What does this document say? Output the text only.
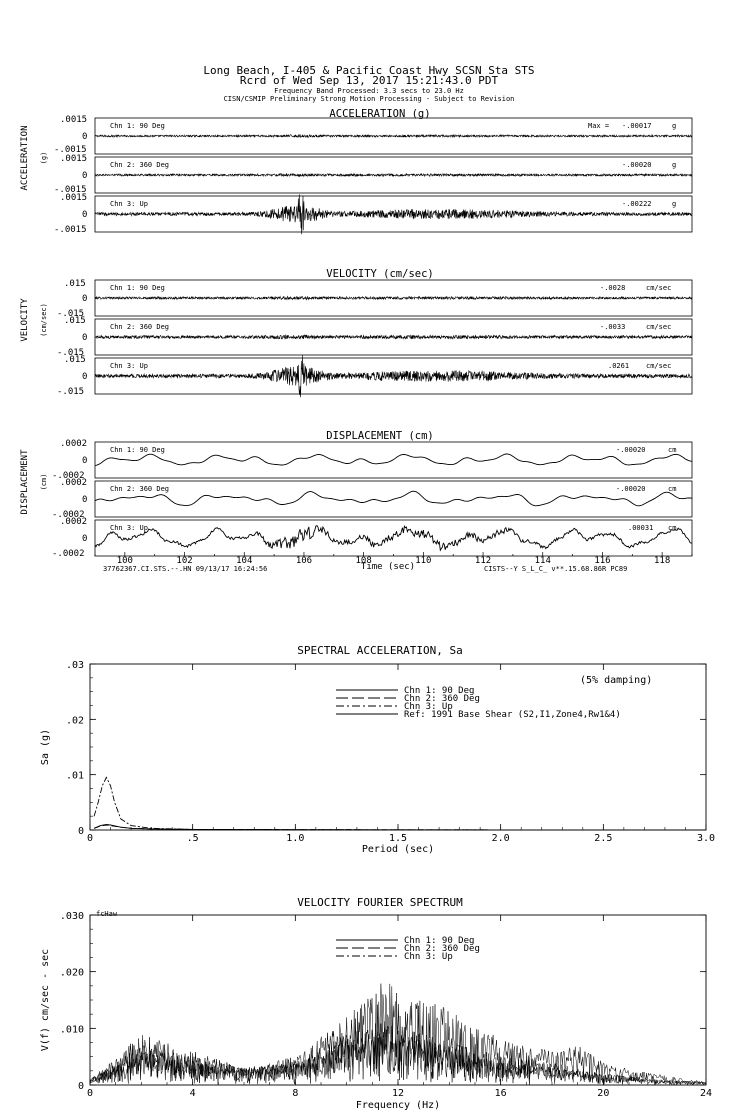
Long Beach, I-405 & Pacific Coast Hwy SCSN Sta STS
Rcrd of Wed Sep 13, 2017 15:21:43.0 PDT
Frequency Band Processed: 3.3 secs to 23.0 Hz
CISN/CSMIP Preliminary Strong Motion Processing - Subject to Revision
ACCELERATION (g)
ACCELERATION (g)
.0015
0
Chn 1: 90 Deg	Max = -.00017	g
-.0015
.0015
0
Chn 2: 360 Deg	-.00020	g
-.0015
.0015
0
-.0015
Chn 3: Up	-.00222	g
VELOCITY (cm/sec)
VELOCITY (cm/sec)
.015
0
Chn 1: 90 Deg	-.0028	cm/sec
-.015
.015
0
Chn 2: 360 Deg	-.0033	cm/sec
-.015
.015
0
-.015
Chn 3: Up	.0261 cm/sec
DISPLACEMENT (cm)
DISPLACEMENT (cm)
.0002
0
Chn 1: 90 Deg	-.00020	cm
-.0002
.0002
0
Chn 2: 360 Deg	-.00020	cm
-.0002
.0002
0
-.0002
Chn 3: Up	.00031 cm
100	102	104	106	108	110	112	114	116	118
Time (sec)
37762367.CI.STS.--.HN 09/13/17 16:24:56	CISTS--Y S_L_C_ v**.15.68.86R PC89
SPECTRAL ACCELERATION, Sa
(5% damping)
0	.5	1.0	1.5	2.0	2.5	3.0
0
.01
.02
.03
Chn 1: 90 Deg
Chn 2: 360 Deg
Chn 3: Up
Ref: 1991 Base Shear (S2,I1,Zone4,Rw1&4)
Period (sec)
Sa (g)
VELOCITY FOURIER SPECTRUM
fcHaw
0	4	8	12	16	20	24
0
.010
.020
.030
Chn 1: 90 Deg
Chn 2: 360 Deg
Chn 3: Up
Frequency (Hz)
V(f) cm/sec - sec
